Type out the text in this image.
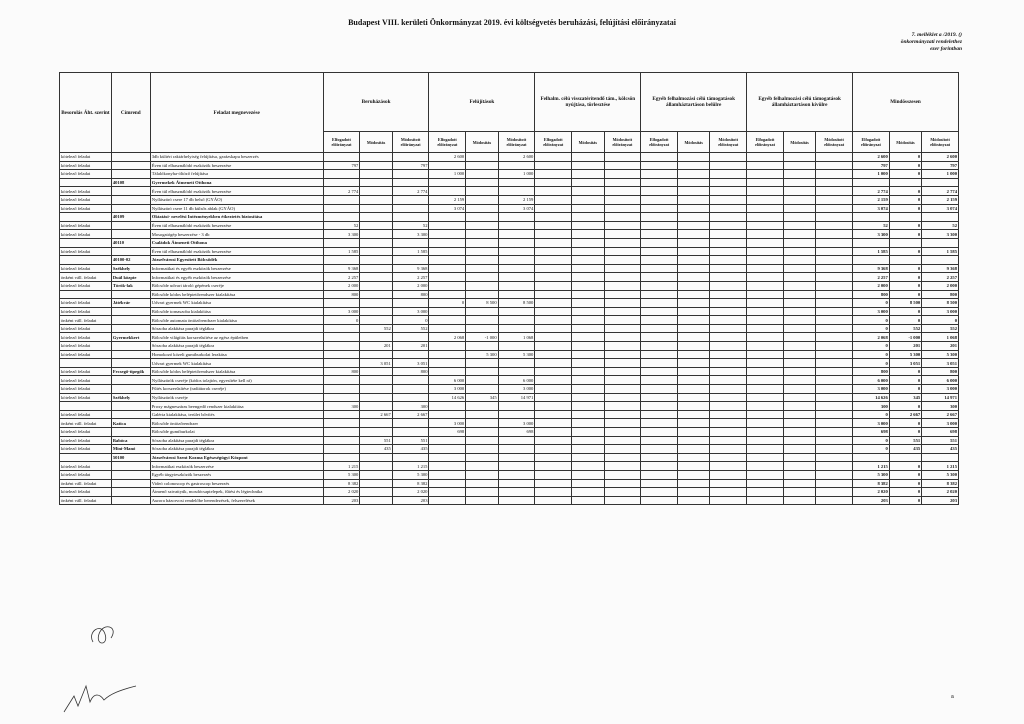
Budapest VIII. kerületi Önkormányzat 2019. évi költségvetés beruházási, felújítási előirányzatai
7. melléklet a /2019. ()
önkormányzati rendelethez
ezer forintban
Besorolás Áht. szerint	Címrend	Feladat megnevezése	Beruházások			Felújítások			Felhalm. célú visszatérítendő tám., kölcsön nyújtása, törlesztése			Egyéb felhalmozási célú támogatások államháztartáson belülre			Egyéb felhalmozási célú támogatások államháztartáson kívülre			Mindösszesen		
			Elfogadott előirányzat	Módosítás	Módosított előirányzat	Elfogadott előirányzat	Módosítás	Módosított előirányzat	Elfogadott előirányzat	Módosítás	Módosított előirányzat	Elfogadott előirányzat	Módosítás	Módosított előirányzat	Elfogadott előirányzat	Módosítás	Módosított előirányzat	Elfogadott előirányzat	Módosítás	Módosított előirányzat
kötelező feladat		3db kültéri raktárhelyiség felújítása, garázskapu beszerzés				2 600		2 600										2 600	0	2 600
kötelező feladat		Éven túl elhasználódó eszközök beszerzése	797		797													797	0	797
kötelező feladat		Tálalókonyha-öltöző felújítása				1 000		1 000										1 000	0	1 000
	40108	Gyermekek Átmeneti Otthona																		
kötelező feladat		Éven túl elhasználódó eszközök beszerzése	2 774		2 774													2 774	0	2 774
kötelező feladat		Nyílászáró csere 17 db belső (GYÁO)				2 159		2 159										2 159	0	2 159
kötelező feladat		Nyílászáró csere 11 db külsős ablak (GYÁO)				3 074		3 074										3 074	0	3 074
	40109	Oktatási- nevelési Intézményekben étkeztetés biztosítása																		
kötelező feladat		Éven túl elhasználódó eszközök beszerzése	52		52													52	0	52
kötelező feladat		Mosogatógép beszerzése - 3 db	3 300		3 300													3 300	0	3 300
	40110	Családok Átmeneti Otthona																		
kötelező feladat		Éven túl elhasználódó eszközök beszerzése	1 585		1 585													1 585	0	1 585
	40100-02	Józsefvárosi Egyesített Bölcsődék																		
kötelező feladat	Székhely	Informatikai és egyéb eszközök beszerzése	9 368		9 368													9 368	0	9 368
önként váll. feladat	Duál közpte	Informatikai és egyéb eszközök beszerzése	2 257		2 257													2 257	0	2 257
kötelező feladat	Török-lak	Bölcsőde udvari tároló gépének cseréje	2 000		2 000													2 000	0	2 000
		Bölcsőde kódos beléptetőrendszer kialakítása	800		800													800	0	800
kötelező feladat	Játékvár	Udvari gyermek WC kialakítása				0	8 500	8 500										0	8 500	8 500
kötelező feladat		Bölcsőde tornaszoba kialakítása	3 000		3 000													3 000	0	3 000
önként váll. feladat		Bölcsőde automata öntözőrendszer kialakítása	0		0													0	0	0
kötelező feladat		Sószoba alakítása parajdi téglákra		552	552													0	552	552
kötelező feladat	Gyermekkert	Bölcsőde világítás korszerűsítése az egész épületben				2 068	-1 000	1 068										2 068	-1 000	1 068
kötelező feladat		Sószoba alakítása parajdi téglákra		201	201													0	201	201
kötelező feladat		Homokozó közeli gumiburkolat lerakása					5 300	5 300										0	5 300	5 300
		Udvari gyermek WC kialakítása		3 051	3 051													0	3 051	3 051
kötelező feladat	Fecsegő-tipegők	Bölcsőde kódos beléptetőrendszer kialakítása	800		800													800	0	800
kötelező feladat		Nyílászárók cseréje (kódos tolajtón, egyesítéte kell rá)				6 000		6 000										6 000	0	6 000
kötelező feladat		Fűtés korszerűsítése (radiátorok cseréje)				3 000		3 000										3 000	0	3 000
kötelező feladat	Székhely	Nyílászárók cseréje				14 626	345	14 971										14 626	345	14 971
		Proxy mágneszáras beengedő rendszer kialakítása	300		300													300	0	300
kötelező feladat		Galéria kialakítása, terület bővítés		2 667	2 667													0	2 667	2 667
önként váll. feladat	Katica	Bölcsőde öntözőrendszer				3 000		3 000										3 000	0	3 000
kötelező feladat		Bölcsőde gumiburkolat				698		698										698	0	698
kötelező feladat	Babóca	Sószoba alakítása parajdi téglákra		551	551													0	551	551
kötelező feladat	Mini-Manó	Sószoba alakítása parajdi téglákra		435	435													0	435	435
	50100	Józsefvárosi Szent Kozma Egészségügyi Központ																		
kötelező feladat		Informatikai eszközök beszerzése	1 215		1 215													1 215	0	1 215
kötelező feladat		Egyéb tárgyieszközök beszerzés	5 300		5 300													5 300	0	5 300
önként váll. feladat		Videó colonoscop és gastroscop beszerzés	8 382		8 382													8 382	0	8 382
kötelező feladat		Átmenő szivattyúk, mosdócsaptelepek, fűtési és légtechnika	2 020		2 020													2 020	0	2 020
önként váll. feladat		Aurora házorvosi rendelőbe berendezések, felszerelések	203		203													203	0	203
a
